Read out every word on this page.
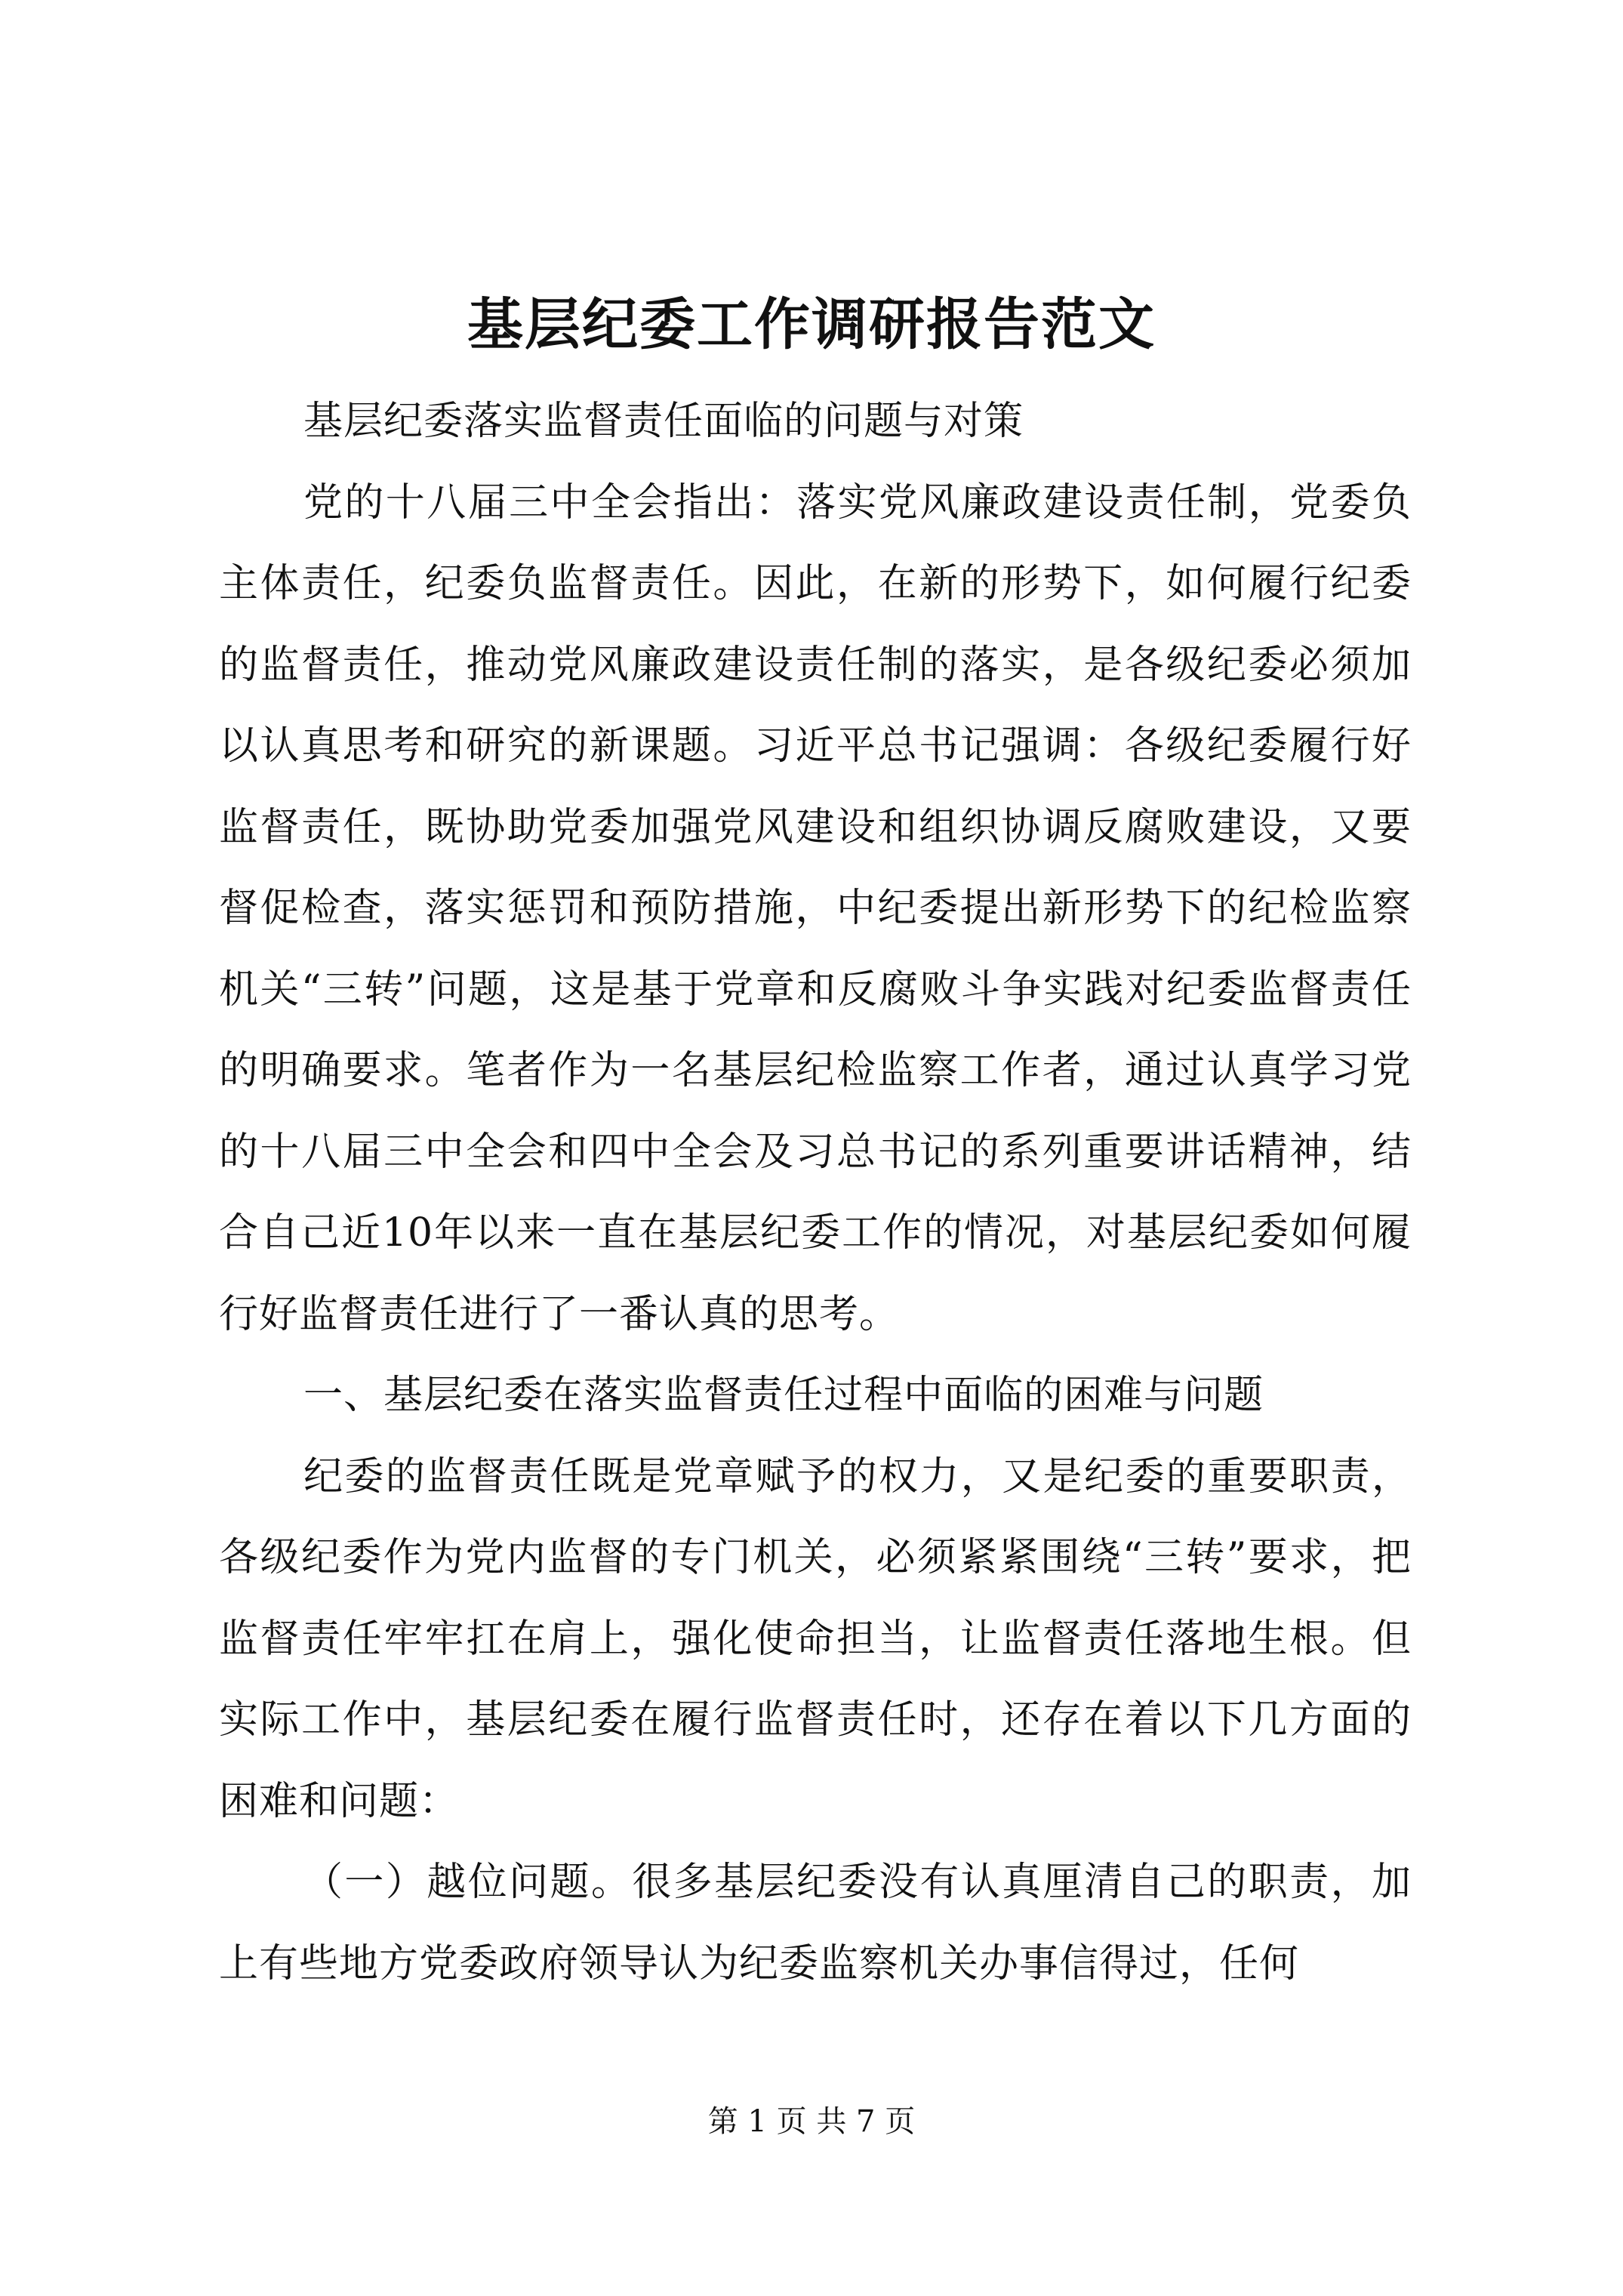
基层纪委工作调研报告范文

基层纪委落实监督责任面临的问题与对策

党的十八届三中全会指出：落实党风廉政建设责任制，党委负主体责任，纪委负监督责任。因此，在新的形势下，如何履行纪委的监督责任，推动党风廉政建设责任制的落实，是各级纪委必须加以认真思考和研究的新课题。习近平总书记强调：各级纪委履行好监督责任，既协助党委加强党风建设和组织协调反腐败建设，又要督促检查，落实惩罚和预防措施，中纪委提出新形势下的纪检监察机关“三转”问题，这是基于党章和反腐败斗争实践对纪委监督责任的明确要求。笔者作为一名基层纪检监察工作者，通过认真学习党的十八届三中全会和四中全会及习总书记的系列重要讲话精神，结合自己近10年以来一直在基层纪委工作的情况，对基层纪委如何履行好监督责任进行了一番认真的思考。

一、基层纪委在落实监督责任过程中面临的困难与问题

纪委的监督责任既是党章赋予的权力，又是纪委的重要职责，各级纪委作为党内监督的专门机关，必须紧紧围绕“三转”要求，把监督责任牢牢扛在肩上，强化使命担当，让监督责任落地生根。但实际工作中，基层纪委在履行监督责任时，还存在着以下几方面的困难和问题：

（一）越位问题。很多基层纪委没有认真厘清自己的职责，加上有些地方党委政府领导认为纪委监察机关办事信得过，任何

第 1 页 共 7 页
